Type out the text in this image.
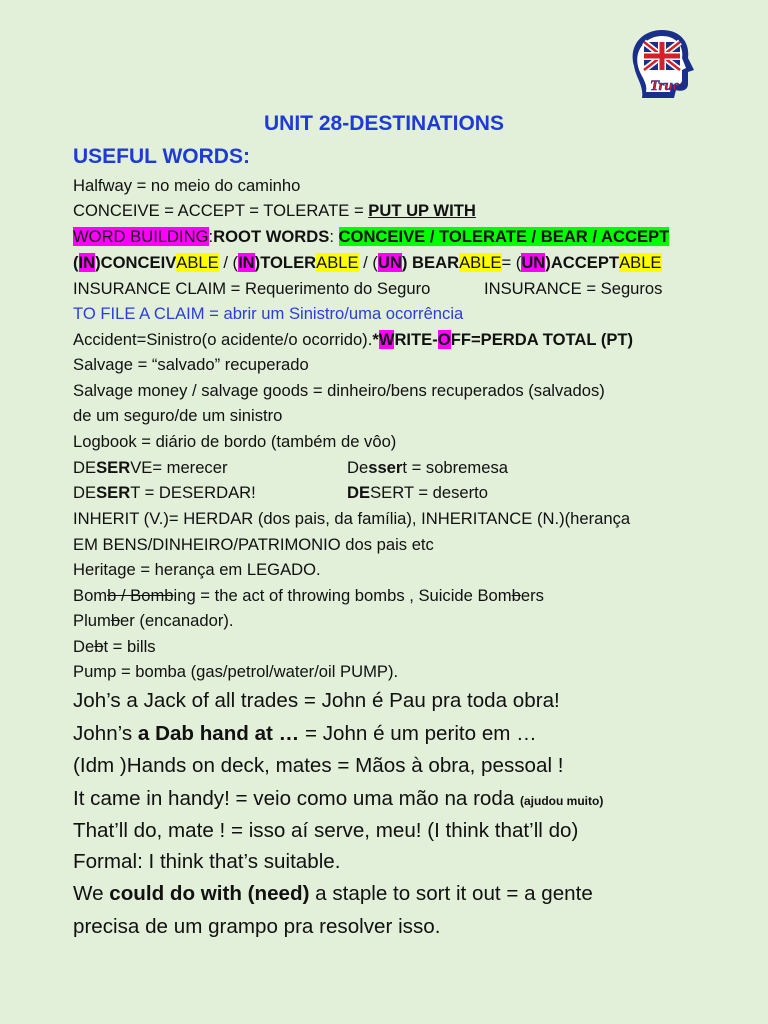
True
UNIT 28-DESTINATIONS
USEFUL WORDS:
Halfway = no meio do caminho
CONCEIVE = ACCEPT = TOLERATE = PUT UP WITH
WORD BUILDING:ROOT WORDS: CONCEIVE / TOLERATE / BEAR / ACCEPT
(IN)CONCEIVABLE / (IN)TOLERABLE / (UN) BEARABLE= (UN)ACCEPTABLE
INSURANCE CLAIM = Requerimento do Seguro	INSURANCE = Seguros
TO FILE A CLAIM = abrir um Sinistro/uma ocorrência
Accident=Sinistro(o acidente/o ocorrido).*WRITE-OFF=PERDA TOTAL (PT)
Salvage = “salvado” recuperado
Salvage money / salvage goods = dinheiro/bens recuperados (salvados)
de um seguro/de um sinistro
Logbook = diário de bordo (também de vôo)
DESERVE= merecer	Dessert = sobremesa
DESERT = DESERDAR!	DESERT = deserto
INHERIT (V.)= HERDAR (dos pais, da família), INHERITANCE (N.)(herança
EM BENS/DINHEIRO/PATRIMONIO dos pais etc
Heritage = herança em LEGADO.
Bomb / Bombing = the act of throwing bombs , Suicide Bombers
Plumber (encanador).
Debt = bills
Pump = bomba (gas/petrol/water/oil PUMP).
Joh’s a Jack of all trades = John é Pau pra toda obra!
John’s a Dab hand at … = John é um perito em …
(Idm )Hands on deck, mates = Mãos à obra, pessoal !
It came in handy! = veio como uma mão na roda (ajudou muito)
That’ll do, mate ! = isso aí serve, meu! (I think that’ll do)
Formal: I think that’s suitable.
We could do with (need) a staple to sort it out = a gente
precisa de um grampo pra resolver isso.
